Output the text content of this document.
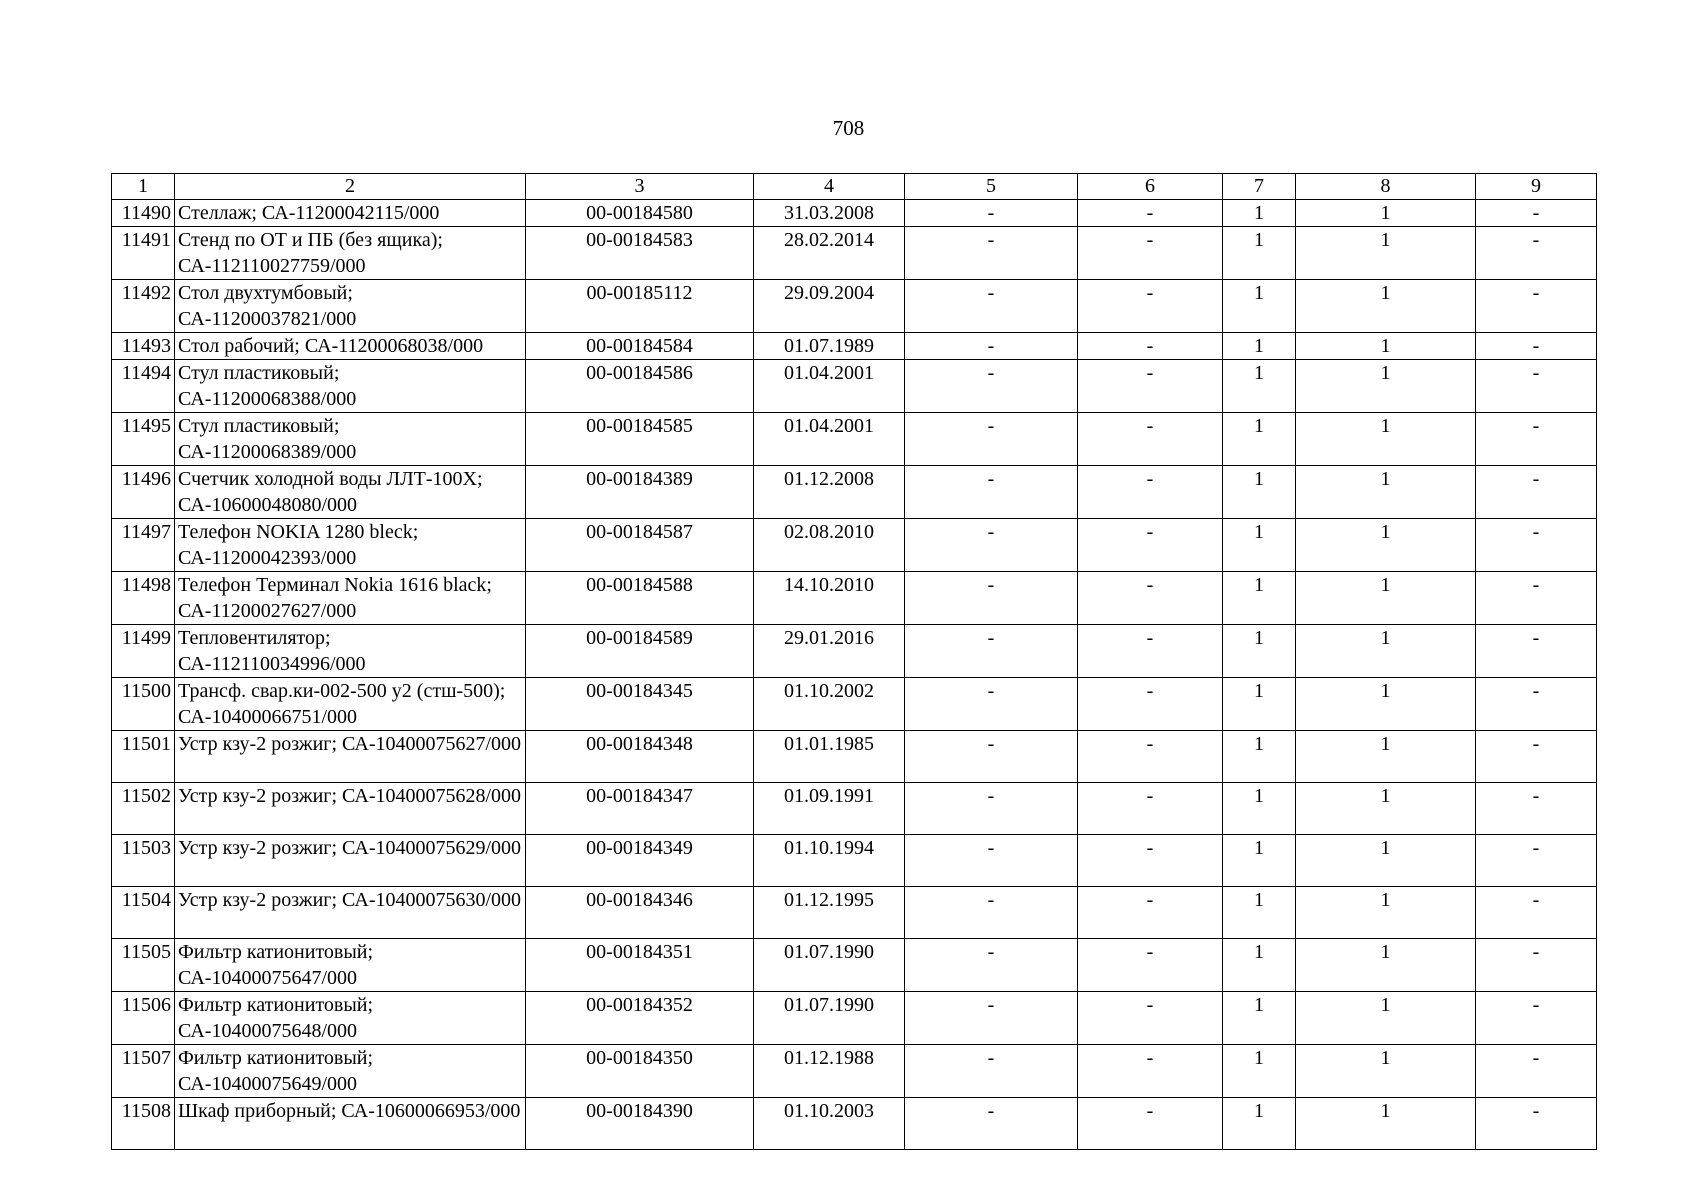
708
1	2	3	4	5	6	7	8	9
11490	Стеллаж; СА-11200042115/000	00-00184580	31.03.2008	-	-	1	1	-
11491	Стенд по ОТ и ПБ (без ящика); СА-112110027759/000	00-00184583	28.02.2014	-	-	1	1	-
11492	Стол двухтумбовый; СА-11200037821/000	00-00185112	29.09.2004	-	-	1	1	-
11493	Стол рабочий; СА-11200068038/000	00-00184584	01.07.1989	-	-	1	1	-
11494	Стул пластиковый; СА-11200068388/000	00-00184586	01.04.2001	-	-	1	1	-
11495	Стул пластиковый; СА-11200068389/000	00-00184585	01.04.2001	-	-	1	1	-
11496	Счетчик холодной воды ЛЛТ-100Х; СА-10600048080/000	00-00184389	01.12.2008	-	-	1	1	-
11497	Телефон NOKIA 1280 bleck; СА-11200042393/000	00-00184587	02.08.2010	-	-	1	1	-
11498	Телефон Терминал Nokia 1616 black; СА-11200027627/000	00-00184588	14.10.2010	-	-	1	1	-
11499	Тепловентилятор; СА-112110034996/000	00-00184589	29.01.2016	-	-	1	1	-
11500	Трансф. свар.ки-002-500 у2 (стш-500); СА-10400066751/000	00-00184345	01.10.2002	-	-	1	1	-
11501	Устр кзу-2 розжиг; СА-10400075627/000	00-00184348	01.01.1985	-	-	1	1	-
11502	Устр кзу-2 розжиг; СА-10400075628/000	00-00184347	01.09.1991	-	-	1	1	-
11503	Устр кзу-2 розжиг; СА-10400075629/000	00-00184349	01.10.1994	-	-	1	1	-
11504	Устр кзу-2 розжиг; СА-10400075630/000	00-00184346	01.12.1995	-	-	1	1	-
11505	Фильтр катионитовый; СА-10400075647/000	00-00184351	01.07.1990	-	-	1	1	-
11506	Фильтр катионитовый; СА-10400075648/000	00-00184352	01.07.1990	-	-	1	1	-
11507	Фильтр катионитовый; СА-10400075649/000	00-00184350	01.12.1988	-	-	1	1	-
11508	Шкаф приборный; СА-10600066953/000	00-00184390	01.10.2003	-	-	1	1	-
